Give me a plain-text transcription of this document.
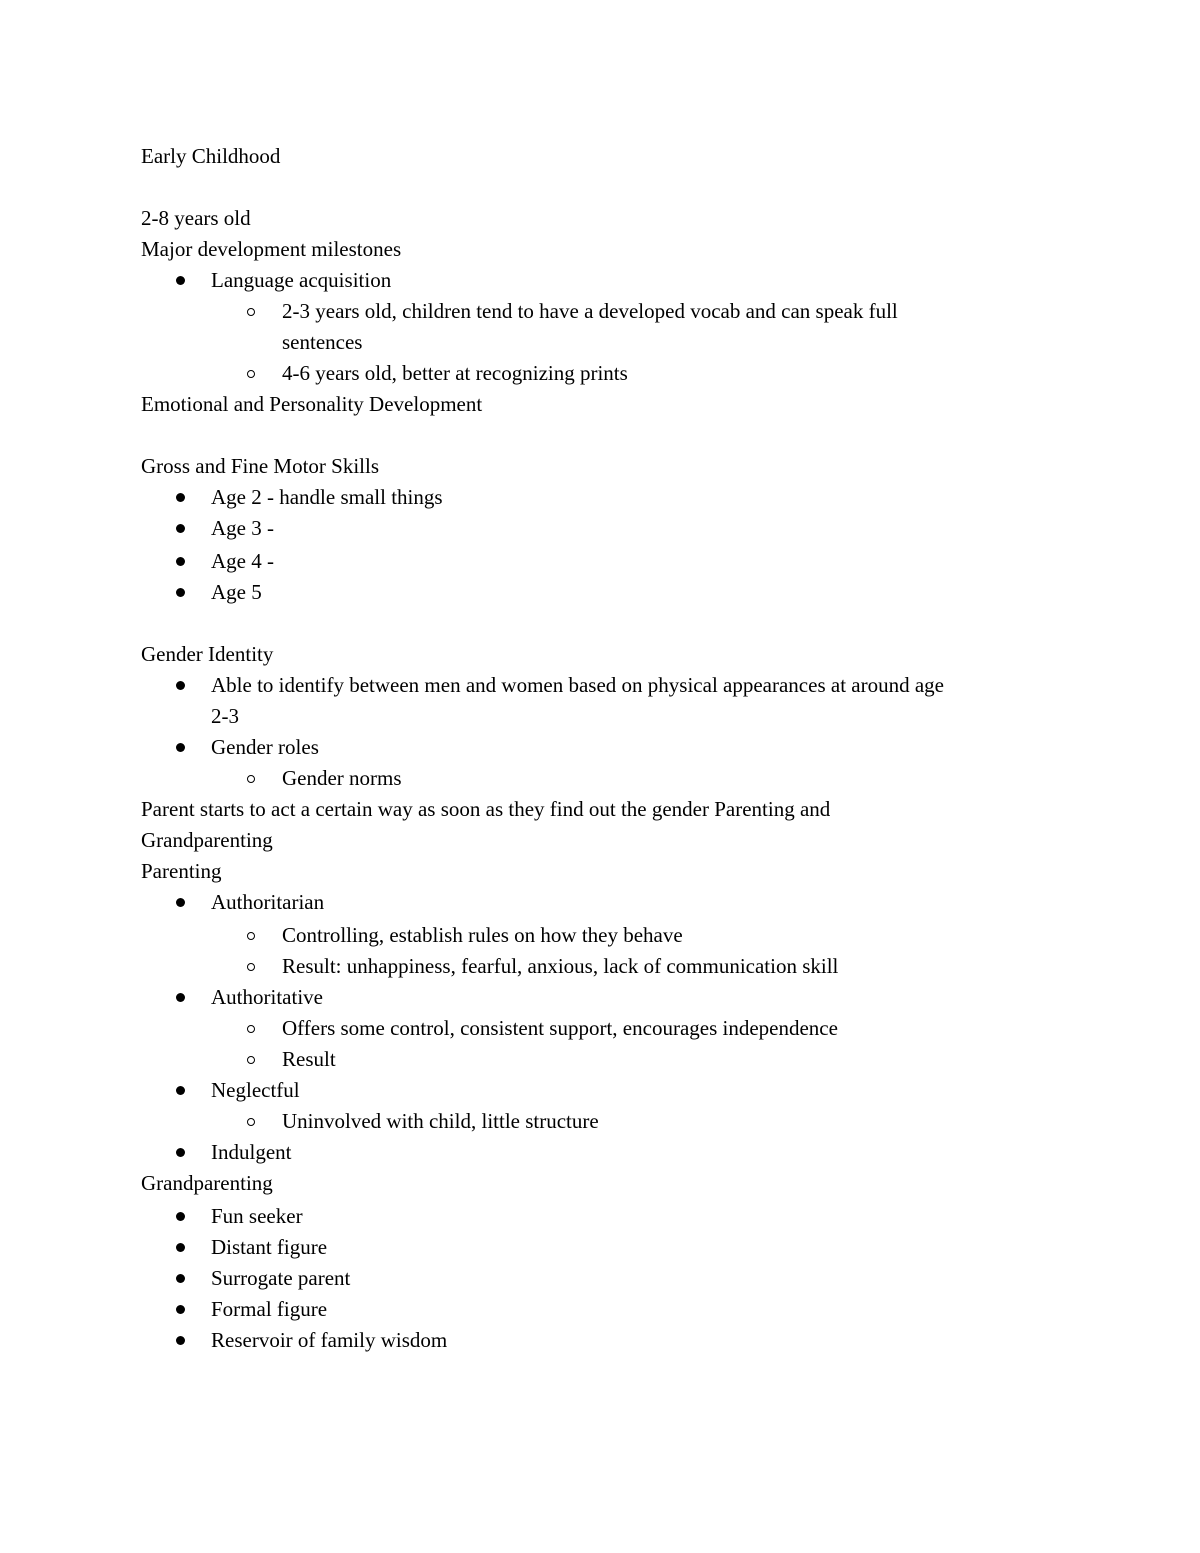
Early Childhood
2-8 years old
Major development milestones
Language acquisition
2-3 years old, children tend to have a developed vocab and can speak full
sentences
4-6 years old, better at recognizing prints
Emotional and Personality Development
Gross and Fine Motor Skills
Age 2 - handle small things
Age 3 -
Age 4 -
Age 5
Gender Identity
Able to identify between men and women based on physical appearances at around age
2-3
Gender roles
Gender norms
Parent starts to act a certain way as soon as they find out the gender Parenting and
Grandparenting
Parenting
Authoritarian
Controlling, establish rules on how they behave
Result: unhappiness, fearful, anxious, lack of communication skill
Authoritative
Offers some control, consistent support, encourages independence
Result
Neglectful
Uninvolved with child, little structure
Indulgent
Grandparenting
Fun seeker
Distant figure
Surrogate parent
Formal figure
Reservoir of family wisdom
